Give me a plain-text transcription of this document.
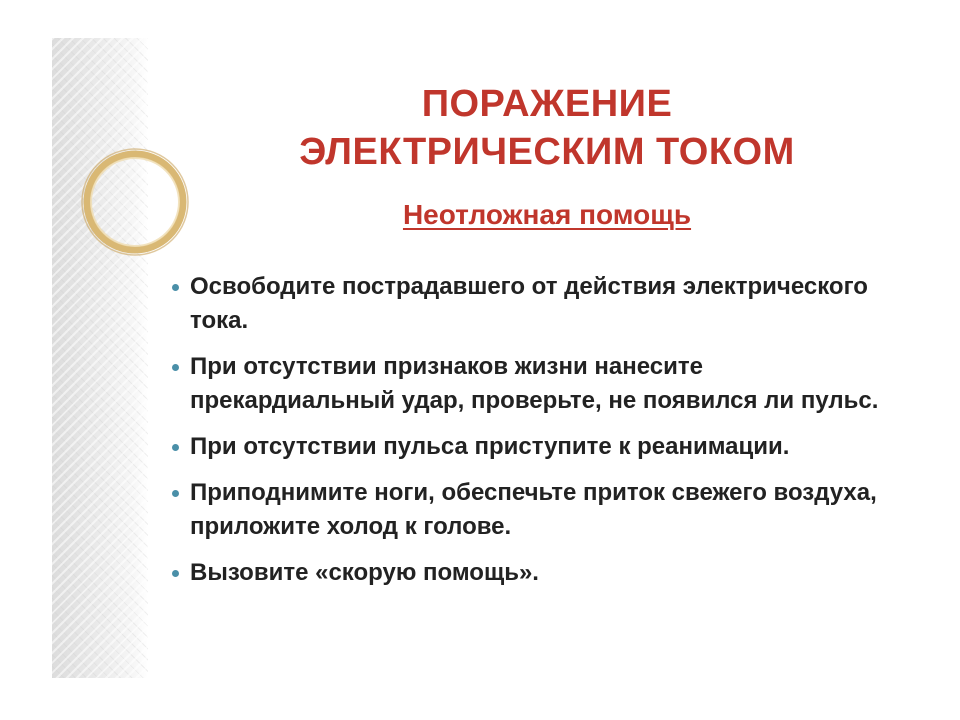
ПОРАЖЕНИЕ
ЭЛЕКТРИЧЕСКИМ ТОКОМ
Неотложная помощь
Освободите пострадавшего от действия электрического тока.
При отсутствии признаков жизни нанесите прекардиальный удар, проверьте, не появился ли пульс.
При отсутствии пульса приступите к реанимации.
Приподнимите ноги, обеспечьте приток свежего воздуха, приложите холод к голове.
Вызовите «скорую помощь».
